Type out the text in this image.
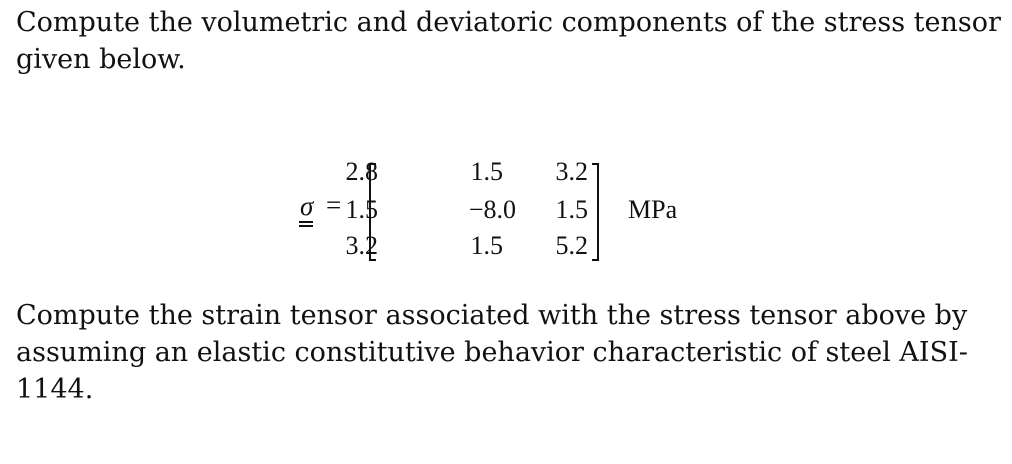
Compute the volumetric and deviatoric components of the stress tensor given below.

σ =
2.8	1.5	3.2
1.5	−8.0	1.5
3.2	1.5	5.2
MPa

Compute the strain tensor associated with the stress tensor above by assuming an elastic constitutive behavior characteristic of steel AISI-1144.
